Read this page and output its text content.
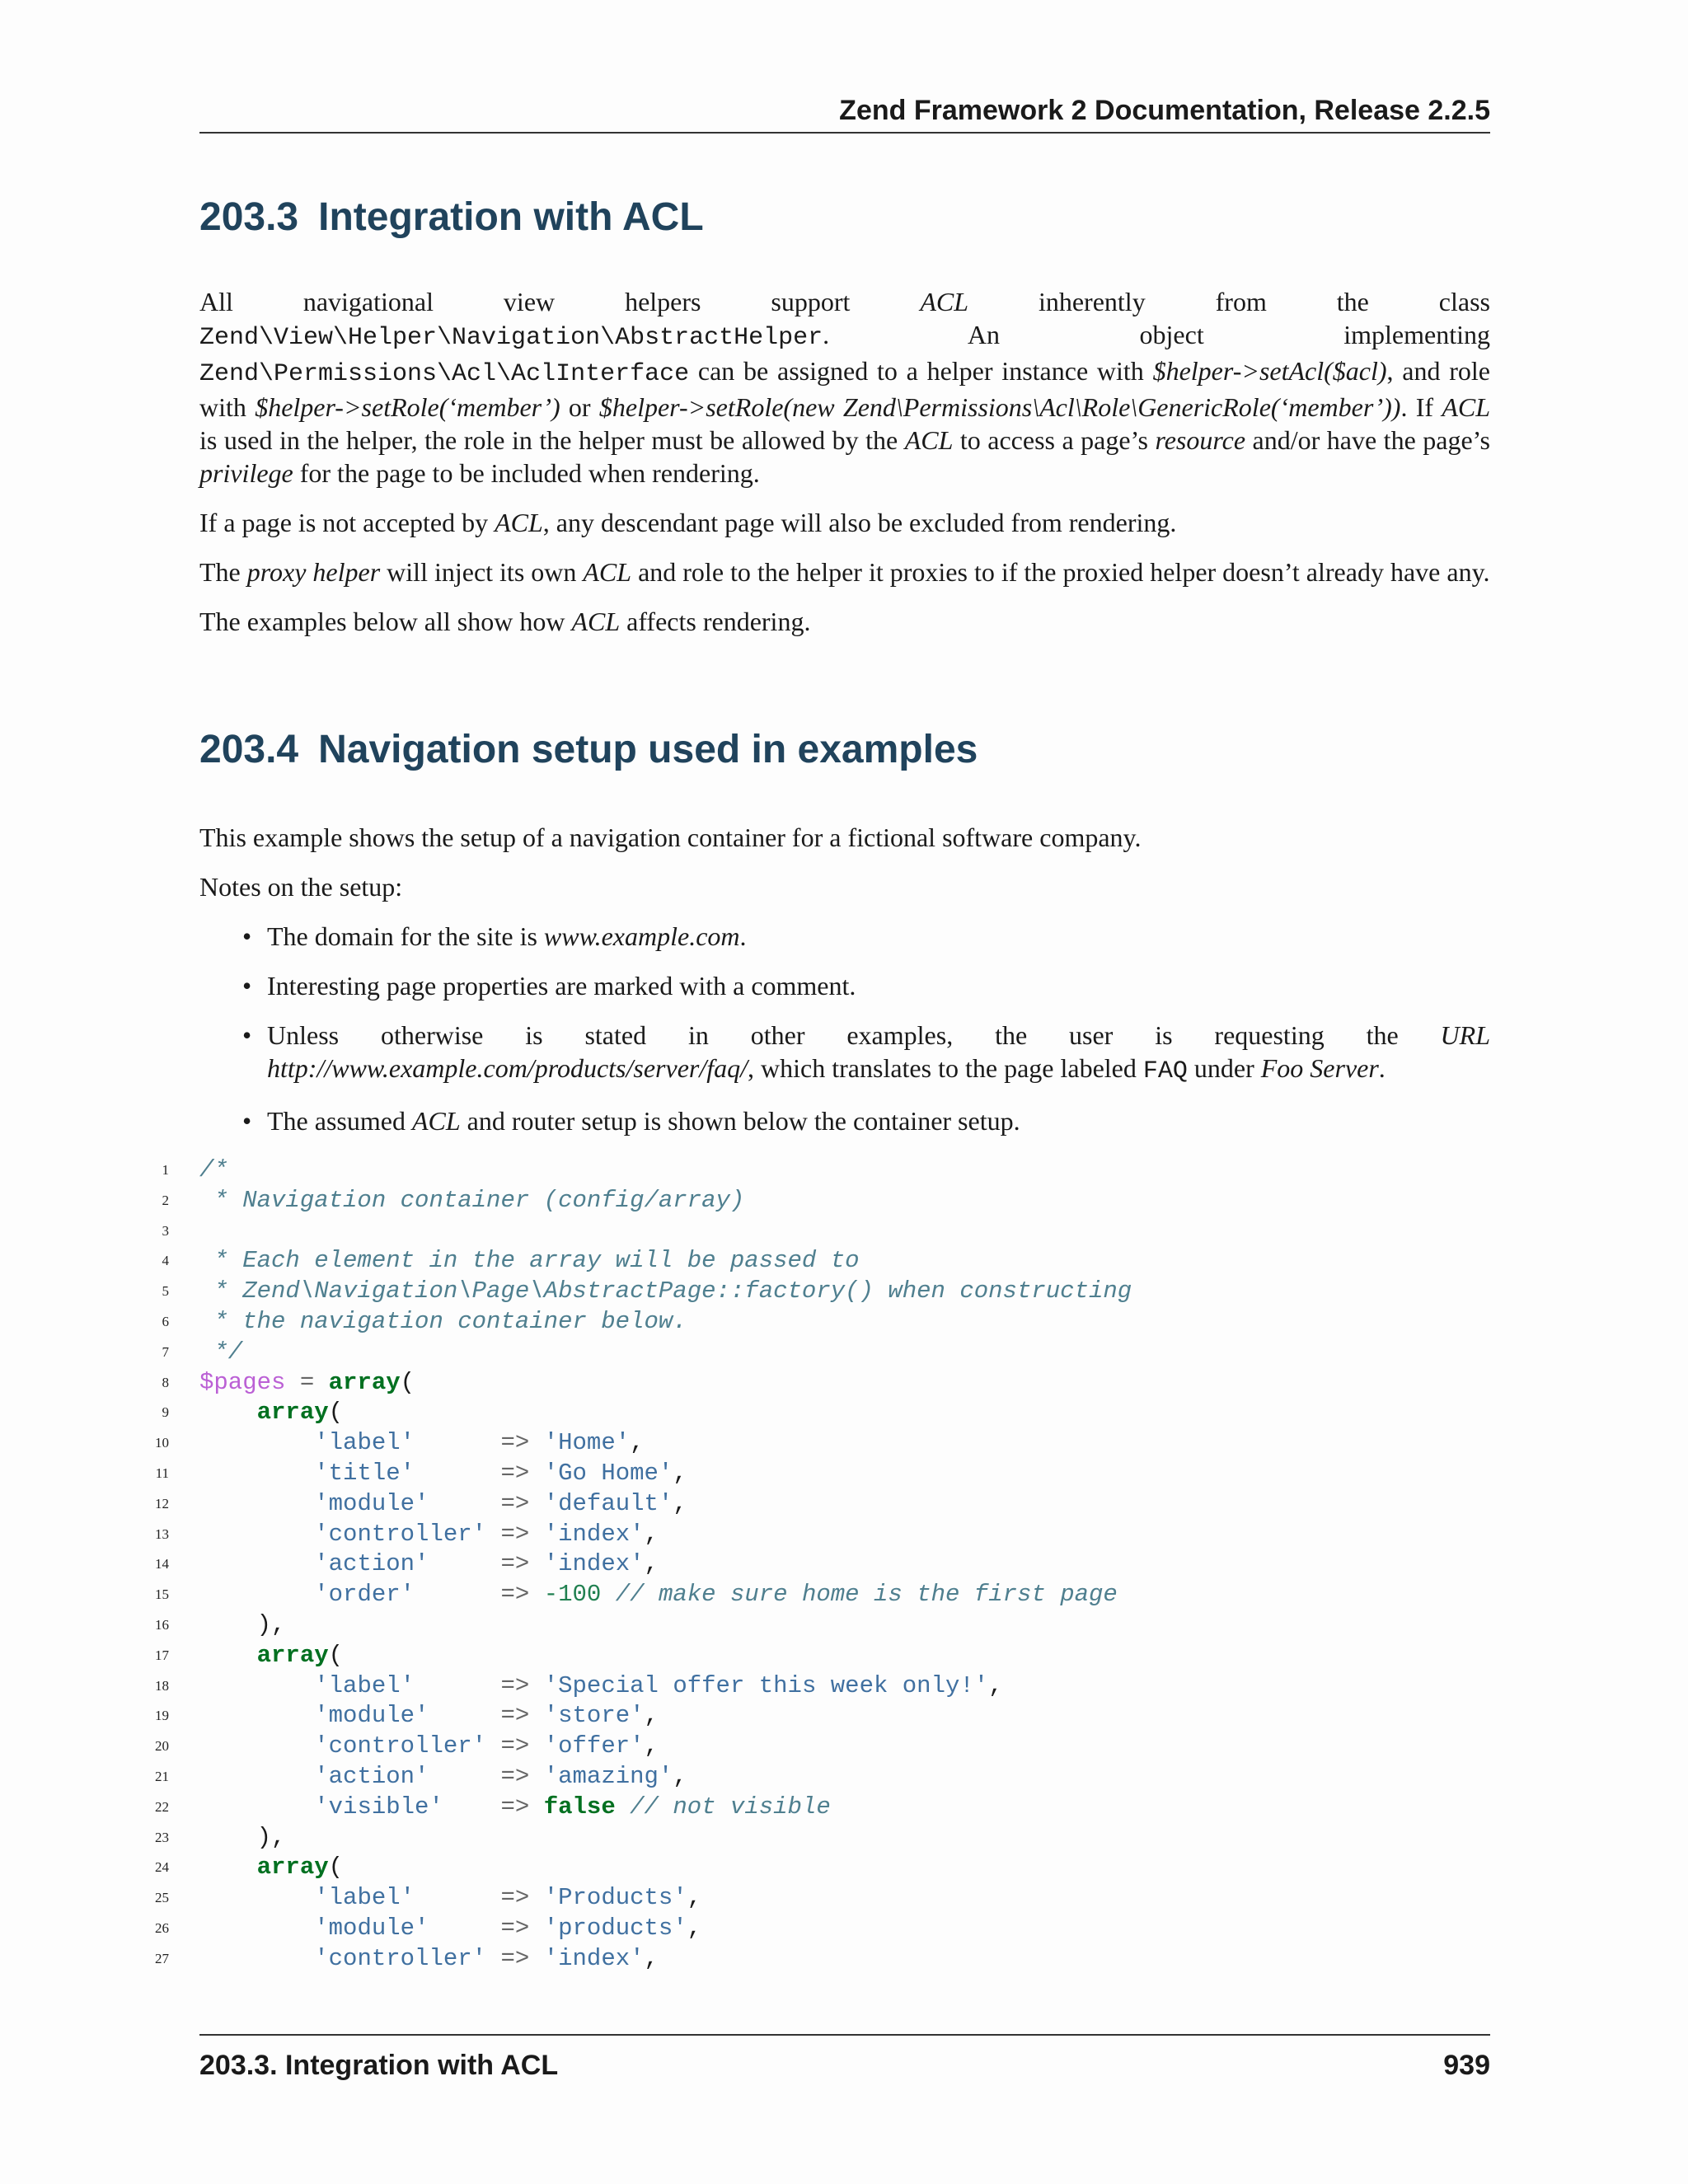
Zend Framework 2 Documentation, Release 2.2.5
203.3 Integration with ACL

All navigational view helpers support ACL inherently from the class Zend\View\Helper\Navigation\AbstractHelper. An object implementing Zend\Permissions\Acl\AclInterface can be assigned to a helper instance with $helper->setAcl($acl), and role with $helper->setRole(‘member’) or $helper->setRole(new Zend\Permissions\Acl\Role\GenericRole(‘member’)). If ACL is used in the helper, the role in the helper must be allowed by the ACL to access a page’s resource and/or have the page’s privilege for the page to be included when rendering.

If a page is not accepted by ACL, any descendant page will also be excluded from rendering.

The proxy helper will inject its own ACL and role to the helper it proxies to if the proxied helper doesn’t already have any.

The examples below all show how ACL affects rendering.

203.4 Navigation setup used in examples

This example shows the setup of a navigation container for a fictional software company.

Notes on the setup:

• The domain for the site is www.example.com.
• Interesting page properties are marked with a comment.
• Unless otherwise is stated in other examples, the user is requesting the URL http://www.example.com/products/server/faq/, which translates to the page labeled FAQ under Foo Server.
• The assumed ACL and router setup is shown below the container setup.
1 /*
2 * Navigation container (config/array)
3
4 * Each element in the array will be passed to
5 * Zend\Navigation\Page\AbstractPage::factory() when constructing
6 * the navigation container below.
7 */
8 $pages = array(
9	array(
10	'label'      => 'Home',
11	'title'      => 'Go Home',
12	'module'     => 'default',
13	'controller' => 'index',
14	'action'     => 'index',
15	'order'      => -100 // make sure home is the first page
16	),
17	array(
18	'label'      => 'Special offer this week only!',
19	'module'     => 'store',
20	'controller' => 'offer',
21	'action'     => 'amazing',
22	'visible'    => false // not visible
23	),
24	array(
25	'label'      => 'Products',
26	'module'     => 'products',
27	'controller' => 'index',
203.3. Integration with ACL	939
